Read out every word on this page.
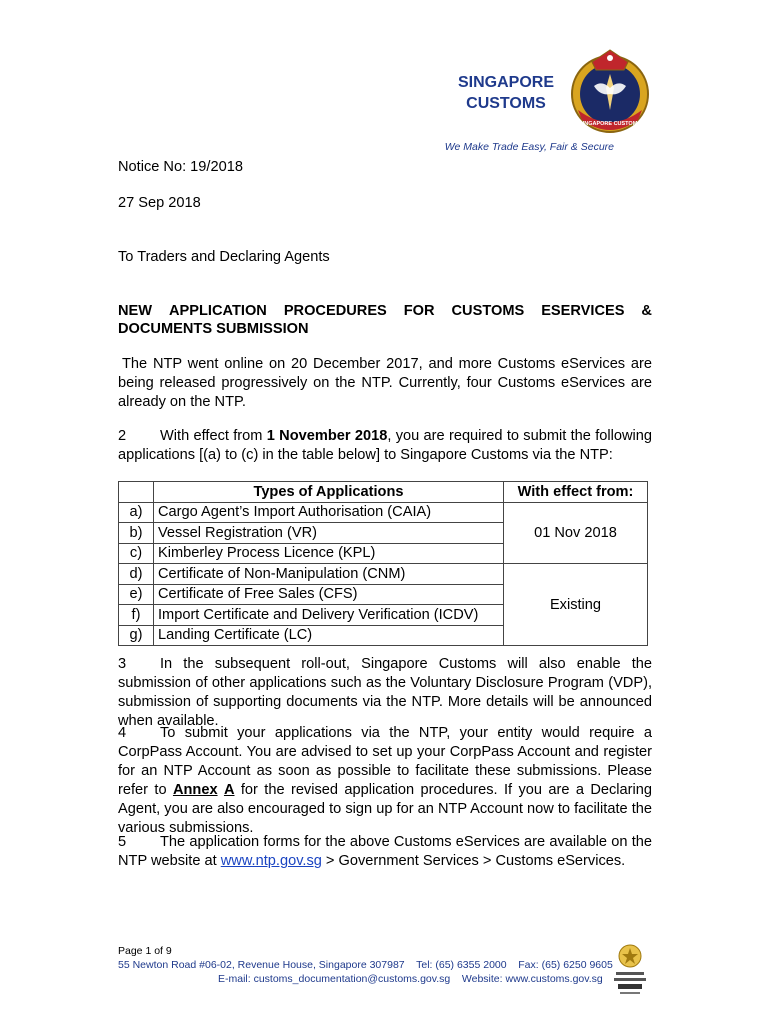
SINGAPORE
CUSTOMS
SINGAPORE CUSTOMS
We Make Trade Easy, Fair & Secure
Notice No: 19/2018
27 Sep 2018
To Traders and Declaring Agents
NEW APPLICATION PROCEDURES FOR CUSTOMS ESERVICES &
DOCUMENTS SUBMISSION
The NTP went online on 20 December 2017, and more Customs eServices are being released progressively on the NTP. Currently, four Customs eServices are already on the NTP.
2 With effect from 1 November 2018, you are required to submit the following applications [(a) to (c) in the table below] to Singapore Customs via the NTP:
	Types of Applications	With effect from:
a)	Cargo Agent’s Import Authorisation (CAIA)	01 Nov 2018
b)	Vessel Registration (VR)	
c)	Kimberley Process Licence (KPL)	
d)	Certificate of Non-Manipulation (CNM)	Existing
e)	Certificate of Free Sales (CFS)	
f)	Import Certificate and Delivery Verification (ICDV)	
g)	Landing Certificate (LC)	
3 In the subsequent roll-out, Singapore Customs will also enable the submission of other applications such as the Voluntary Disclosure Program (VDP), submission of supporting documents via the NTP. More details will be announced when available.
4 To submit your applications via the NTP, your entity would require a CorpPass Account. You are advised to set up your CorpPass Account and register for an NTP Account as soon as possible to facilitate these submissions. Please refer to Annex A for the revised application procedures. If you are a Declaring Agent, you are also encouraged to sign up for an NTP Account now to facilitate the various submissions.
5 The application forms for the above Customs eServices are available on the NTP website at www.ntp.gov.sg > Government Services > Customs eServices.
Page 1 of 9
55 Newton Road #06-02, Revenue House, Singapore 307987 Tel: (65) 6355 2000 Fax: (65) 6250 9605
E-mail: customs_documentation@customs.gov.sg Website: www.customs.gov.sg
